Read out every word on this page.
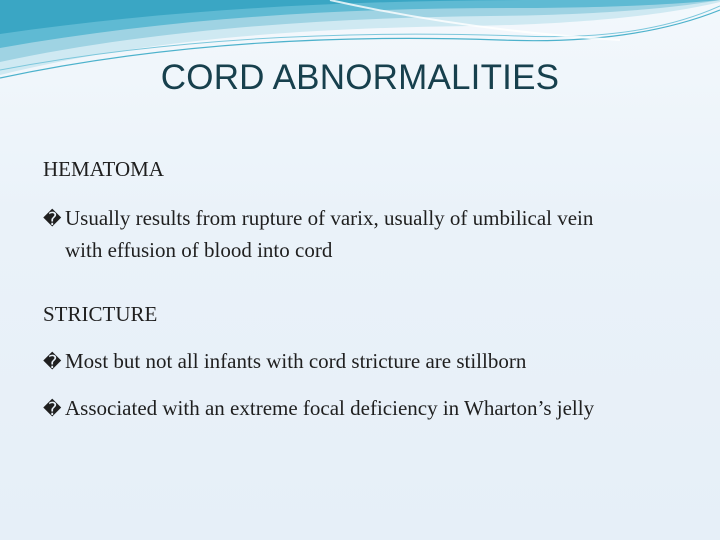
CORD ABNORMALITIES

HEMATOMA

� Usually results from rupture of varix, usually of umbilical vein
with effusion of blood into cord

STRICTURE

� Most but not all infants with cord stricture are stillborn

� Associated with an extreme focal deficiency in Wharton’s jelly
